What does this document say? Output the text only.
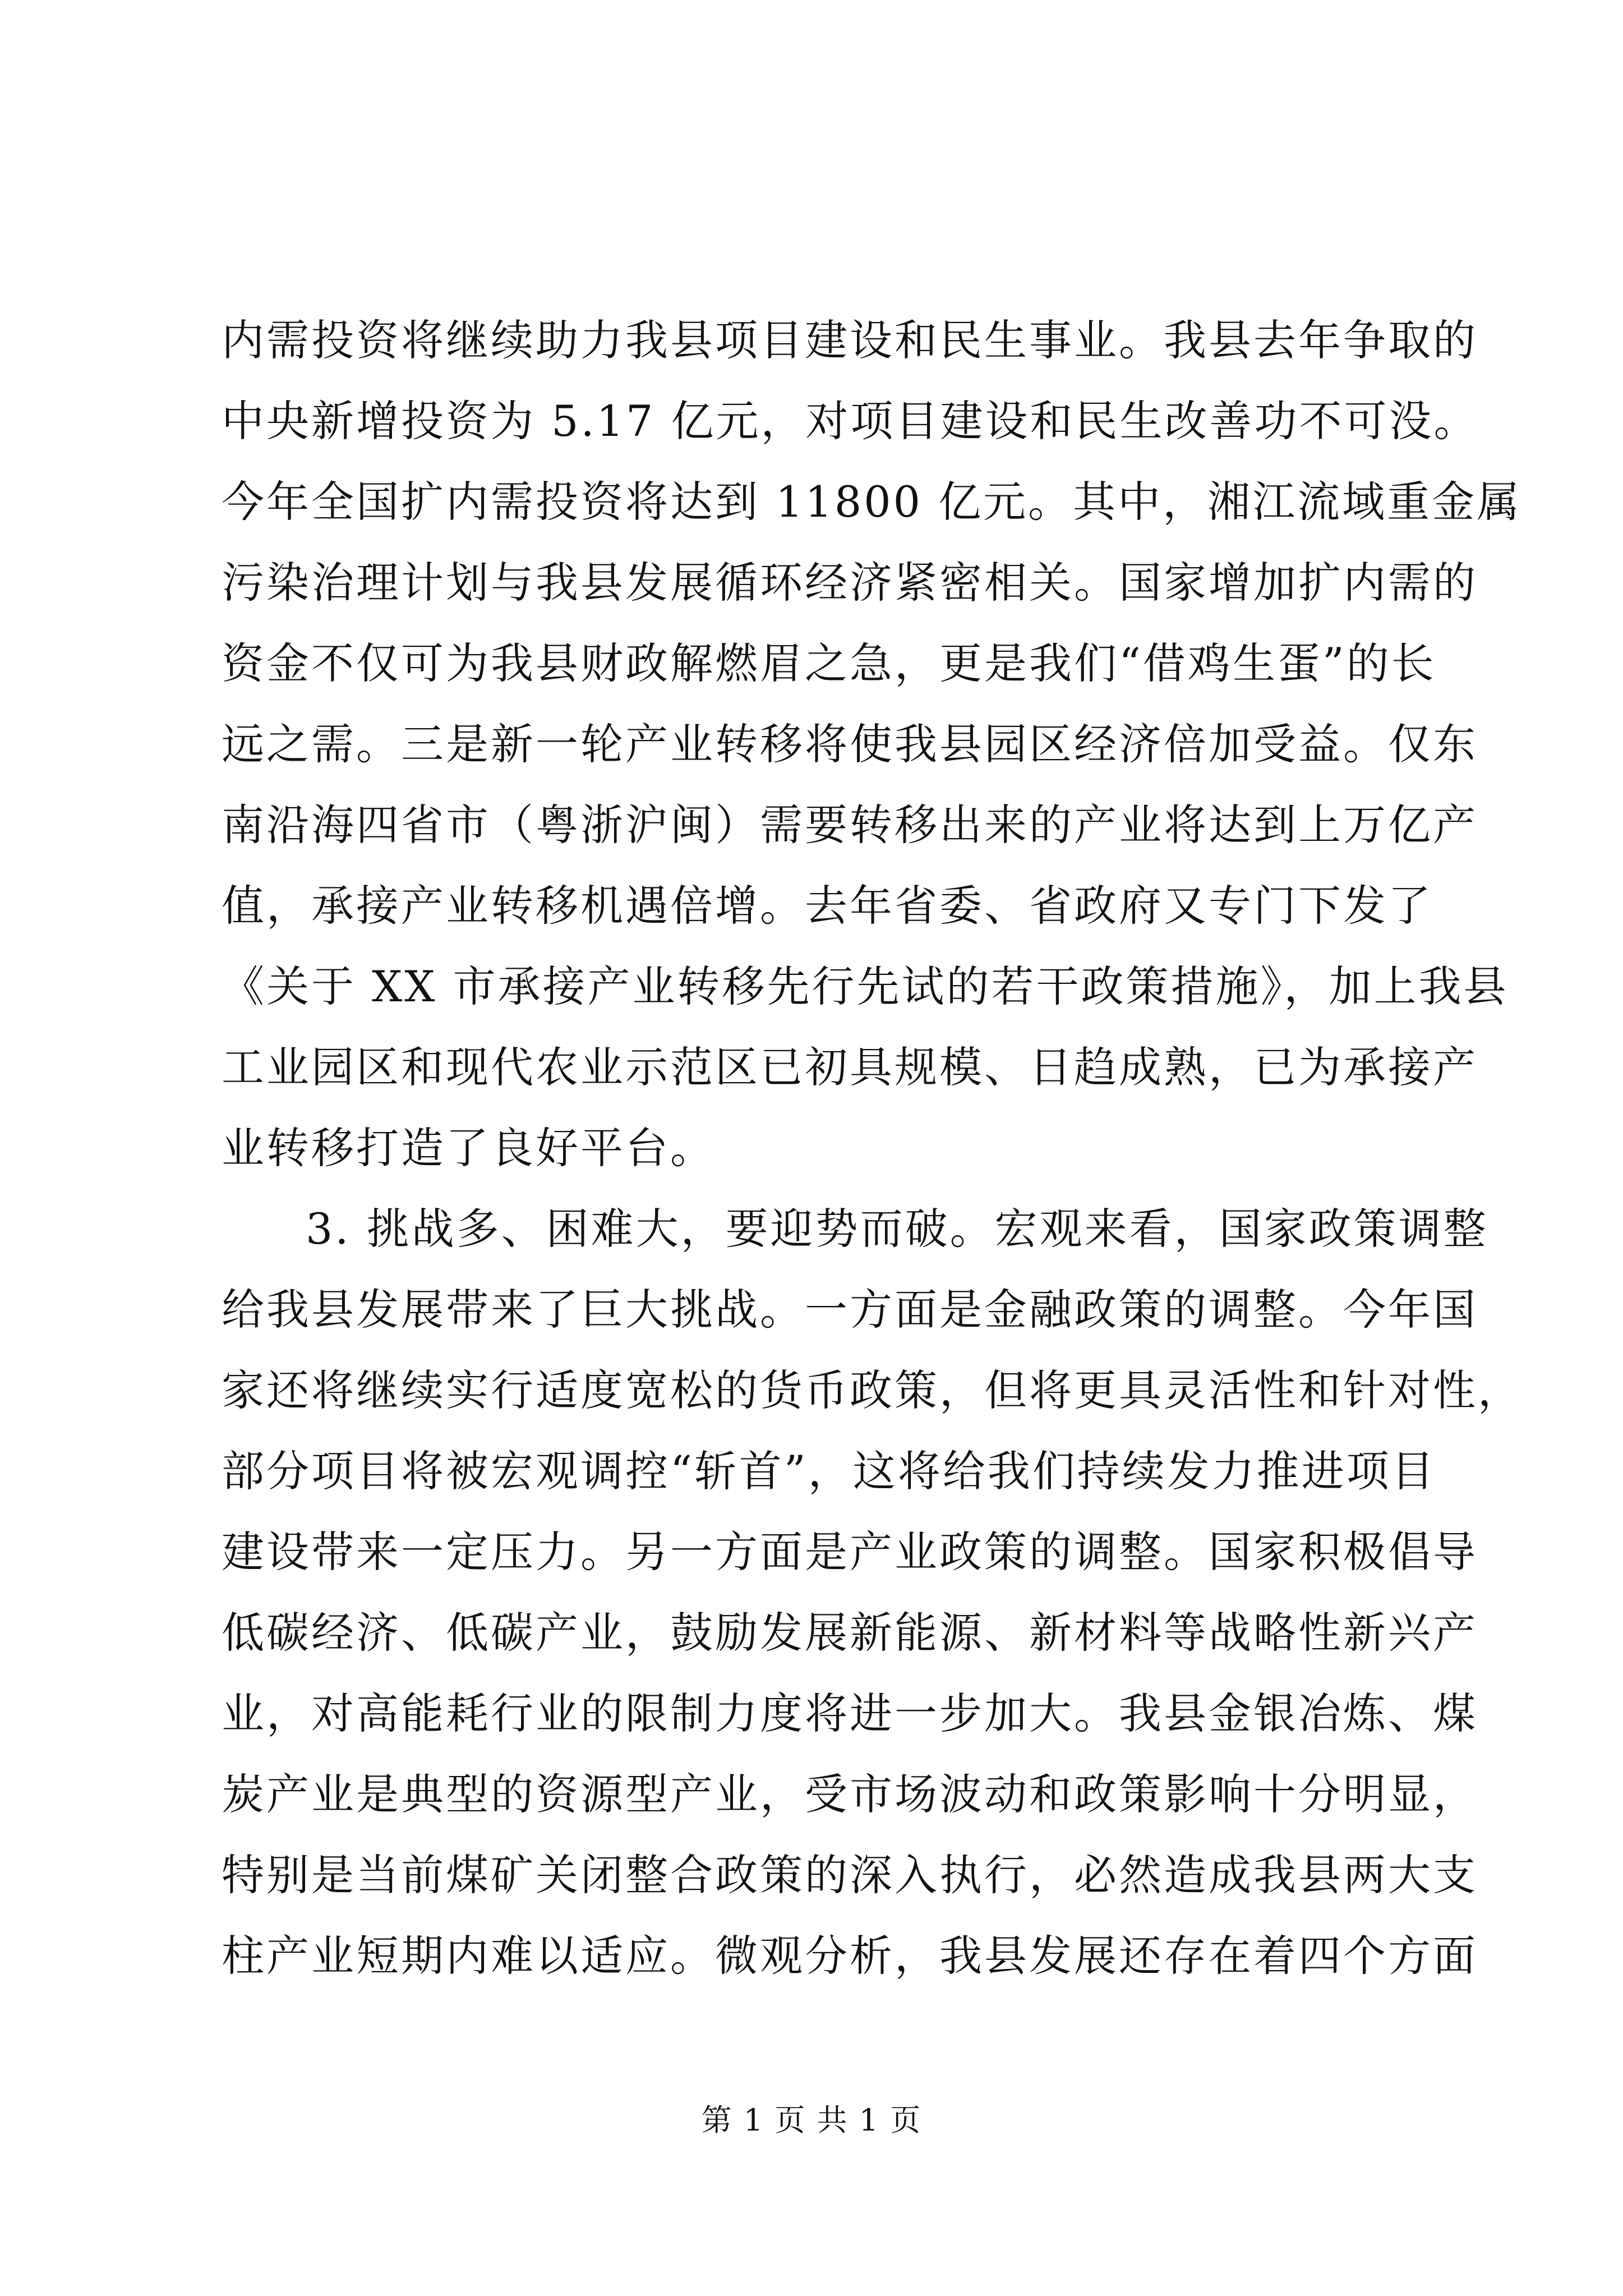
内需投资将继续助力我县项目建设和民生事业。我县去年争取的
中央新增投资为 5.17 亿元，对项目建设和民生改善功不可没。
今年全国扩内需投资将达到 11800 亿元。其中，湘江流域重金属
污染治理计划与我县发展循环经济紧密相关。国家增加扩内需的
资金不仅可为我县财政解燃眉之急，更是我们“借鸡生蛋”的长
远之需。三是新一轮产业转移将使我县园区经济倍加受益。仅东
南沿海四省市（粤浙沪闽）需要转移出来的产业将达到上万亿产
值，承接产业转移机遇倍增。去年省委、省政府又专门下发了
《关于 XX 市承接产业转移先行先试的若干政策措施》，加上我县
工业园区和现代农业示范区已初具规模、日趋成熟，已为承接产
业转移打造了良好平台。
3. 挑战多、困难大，要迎势而破。宏观来看，国家政策调整
给我县发展带来了巨大挑战。一方面是金融政策的调整。今年国
家还将继续实行适度宽松的货币政策，但将更具灵活性和针对性，
部分项目将被宏观调控“斩首”，这将给我们持续发力推进项目
建设带来一定压力。另一方面是产业政策的调整。国家积极倡导
低碳经济、低碳产业，鼓励发展新能源、新材料等战略性新兴产
业，对高能耗行业的限制力度将进一步加大。我县金银冶炼、煤
炭产业是典型的资源型产业，受市场波动和政策影响十分明显，
特别是当前煤矿关闭整合政策的深入执行，必然造成我县两大支
柱产业短期内难以适应。微观分析，我县发展还存在着四个方面
第 1 页 共 1 页
